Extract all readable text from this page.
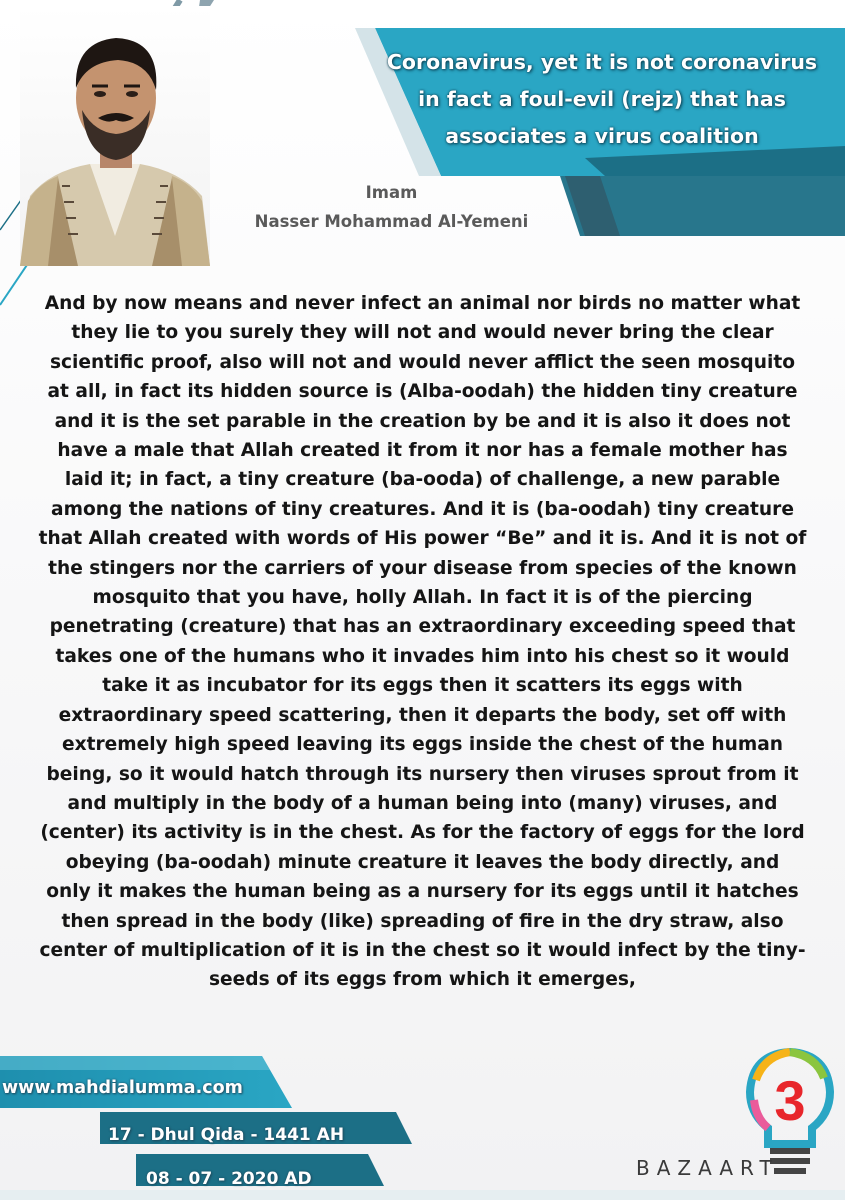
Coronavirus, yet it is not coronavirus
in fact a foul-evil (rejz) that has
associates a virus coalition
Imam
Nasser Mohammad Al-Yemeni
And by now means and never infect an animal nor birds no matter what
they lie to you surely they will not and would never bring the clear
scientific proof, also will not and would never afflict the seen mosquito
at all, in fact its hidden source is (Alba-oodah) the hidden tiny creature
and it is the set parable in the creation by be and it is also it does not
have a male that Allah created it from it nor has a female mother has
laid it; in fact, a tiny creature (ba-ooda) of challenge, a new parable
among the nations of tiny creatures. And it is (ba-oodah) tiny creature
that Allah created with words of His power “Be” and it is. And it is not of
the stingers nor the carriers of your disease from species of the known
mosquito that you have, holly Allah. In fact it is of the piercing
penetrating (creature) that has an extraordinary exceeding speed that
takes one of the humans who it invades him into his chest so it would
take it as incubator for its eggs then it scatters its eggs with
extraordinary speed scattering, then it departs the body, set off with
extremely high speed leaving its eggs inside the chest of the human
being, so it would hatch through its nursery then viruses sprout from it
and multiply in the body of a human being into (many) viruses, and
(center) its activity is in the chest. As for the factory of eggs for the lord
obeying (ba-oodah) minute creature it leaves the body directly, and
only it makes the human being as a nursery for its eggs until it hatches
then spread in the body (like) spreading of fire in the dry straw, also
center of multiplication of it is in the chest so it would infect by the tiny-
seeds of its eggs from which it emerges,
www.mahdialumma.com
17 - Dhul Qida - 1441 AH
08 - 07 - 2020 AD
3
BAZAART
